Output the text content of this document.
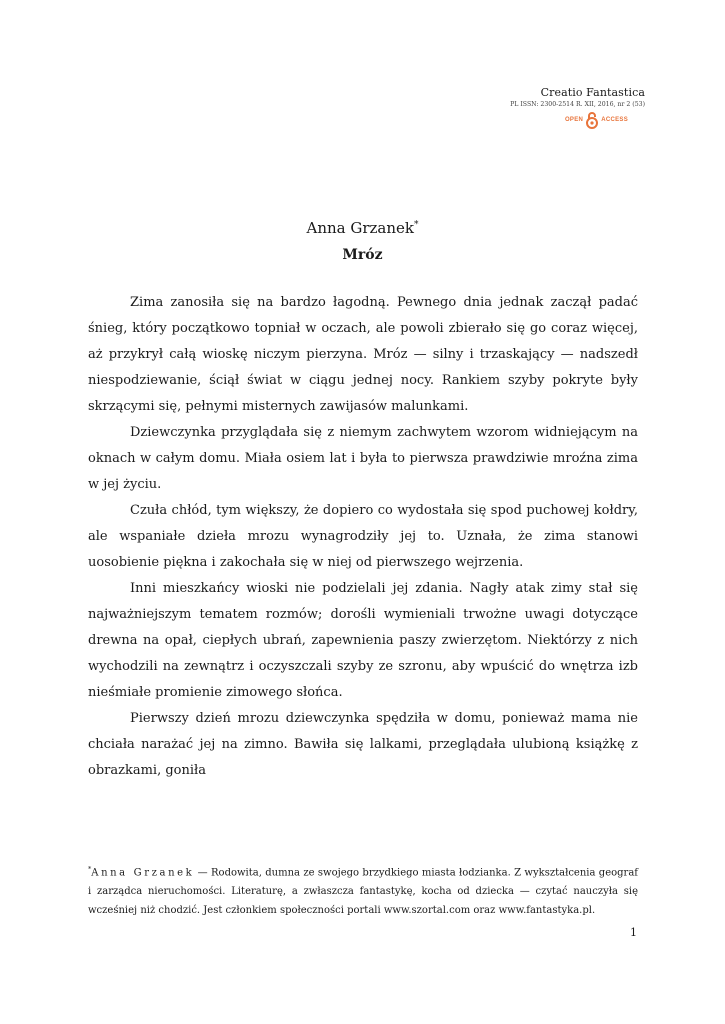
Creatio Fantastica
PL ISSN: 2300-2514 R. XII, 2016, nr 2 (53)
OPEN	ACCESS
Anna Grzanek*
Mróz

Zima zanosiła się na bardzo łagodną. Pewnego dnia jednak zaczął padać śnieg, który początkowo topniał w oczach, ale powoli zbierało się go coraz więcej, aż przykrył całą wioskę niczym pierzyna. Mróz — silny i trzaskający — nadszedł niespodziewanie, ściął świat w ciągu jednej nocy. Rankiem szyby pokryte były skrzącymi się, pełnymi misternych zawijasów malunkami.

Dziewczynka przyglądała się z niemym zachwytem wzorom widniejącym na oknach w całym domu. Miała osiem lat i była to pierwsza prawdziwie mroźna zima w jej życiu.

Czuła chłód, tym większy, że dopiero co wydostała się spod puchowej kołdry, ale wspaniałe dzieła mrozu wynagrodziły jej to. Uznała, że zima stanowi uosobienie piękna i zakochała się w niej od pierwszego wejrzenia.

Inni mieszkańcy wioski nie podzielali jej zdania. Nagły atak zimy stał się najważniejszym tematem rozmów; dorośli wymieniali trwożne uwagi dotyczące drewna na opał, ciepłych ubrań, zapewnienia paszy zwierzętom. Niektórzy z nich wychodzili na zewnątrz i oczyszczali szyby ze szronu, aby wpuścić do wnętrza izb nieśmiałe promienie zimowego słońca.

Pierwszy dzień mrozu dziewczynka spędziła w domu, ponieważ mama nie chciała narażać jej na zimno. Bawiła się lalkami, przeglądała ulubioną książkę z obrazkami, goniła

*Anna Grzanek — Rodowita, dumna ze swojego brzydkiego miasta łodzianka. Z wykształcenia geograf i zarządca nieruchomości. Literaturę, a zwłaszcza fantastykę, kocha od dziecka — czytać nauczyła się wcześniej niż chodzić. Jest członkiem społeczności portali www.szortal.com oraz www.fantastyka.pl.
1
